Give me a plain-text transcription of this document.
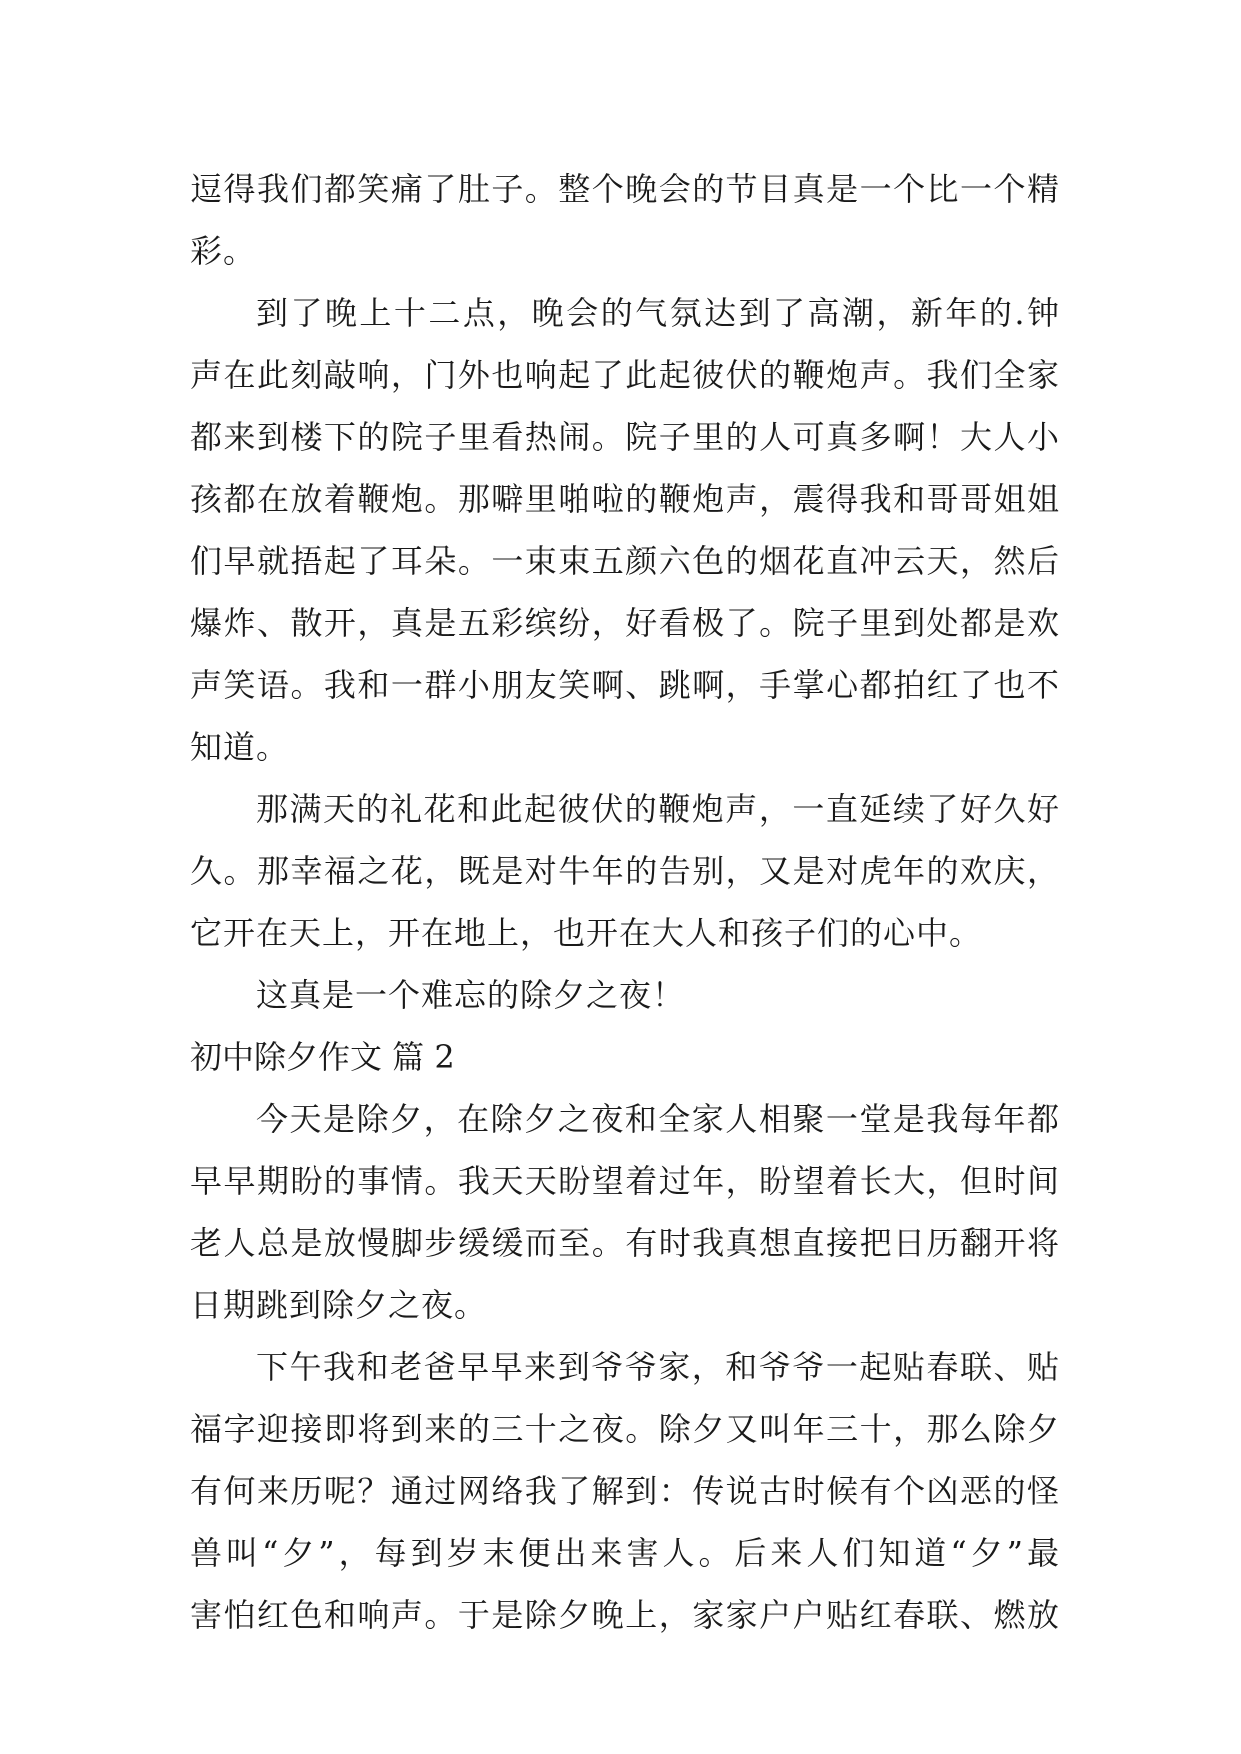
逗得我们都笑痛了肚子。整个晚会的节目真是一个比一个精
彩。
到了晚上十二点，晚会的气氛达到了高潮，新年的.钟
声在此刻敲响，门外也响起了此起彼伏的鞭炮声。我们全家
都来到楼下的院子里看热闹。院子里的人可真多啊！大人小
孩都在放着鞭炮。那噼里啪啦的鞭炮声，震得我和哥哥姐姐
们早就捂起了耳朵。一束束五颜六色的烟花直冲云天，然后
爆炸、散开，真是五彩缤纷，好看极了。院子里到处都是欢
声笑语。我和一群小朋友笑啊、跳啊，手掌心都拍红了也不
知道。
那满天的礼花和此起彼伏的鞭炮声，一直延续了好久好
久。那幸福之花，既是对牛年的告别，又是对虎年的欢庆，
它开在天上，开在地上，也开在大人和孩子们的心中。
这真是一个难忘的除夕之夜！
初中除夕作文 篇 2
今天是除夕，在除夕之夜和全家人相聚一堂是我每年都
早早期盼的事情。我天天盼望着过年，盼望着长大，但时间
老人总是放慢脚步缓缓而至。有时我真想直接把日历翻开将
日期跳到除夕之夜。
下午我和老爸早早来到爷爷家，和爷爷一起贴春联、贴
福字迎接即将到来的三十之夜。除夕又叫年三十，那么除夕
有何来历呢？通过网络我了解到：传说古时候有个凶恶的怪
兽叫“夕”，每到岁末便出来害人。后来人们知道“夕”最
害怕红色和响声。于是除夕晚上，家家户户贴红春联、燃放
